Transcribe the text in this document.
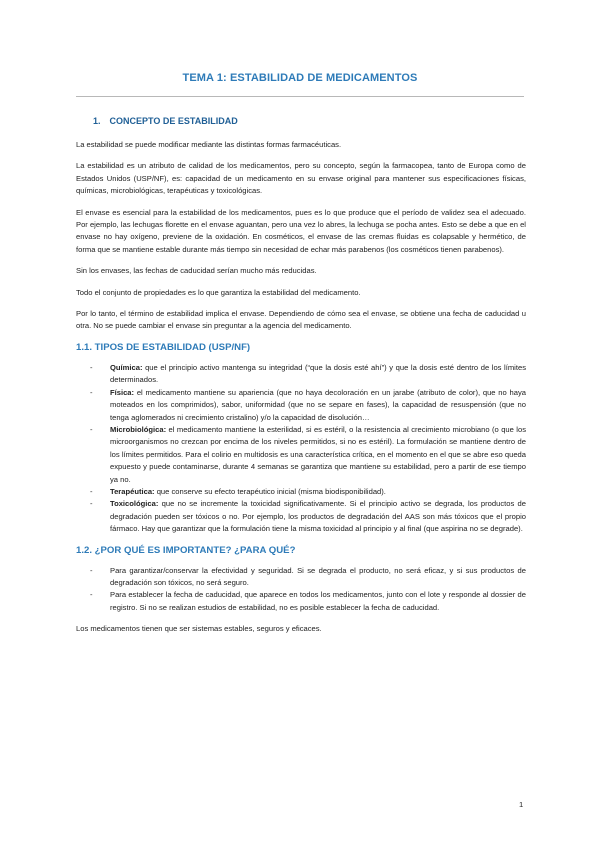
TEMA 1: ESTABILIDAD DE MEDICAMENTOS
1. CONCEPTO DE ESTABILIDAD

La estabilidad se puede modificar mediante las distintas formas farmacéuticas.

La estabilidad es un atributo de calidad de los medicamentos, pero su concepto, según la farmacopea, tanto de Europa como de Estados Unidos (USP/NF), es: capacidad de un medicamento en su envase original para mantener sus especificaciones físicas, químicas, microbiológicas, terapéuticas y toxicológicas.

El envase es esencial para la estabilidad de los medicamentos, pues es lo que produce que el período de validez sea el adecuado. Por ejemplo, las lechugas florette en el envase aguantan, pero una vez lo abres, la lechuga se pocha antes. Esto se debe a que en el envase no hay oxígeno, previene de la oxidación. En cosméticos, el envase de las cremas fluidas es colapsable y hermético, de forma que se mantiene estable durante más tiempo sin necesidad de echar más parabenos (los cosméticos tienen parabenos).

Sin los envases, las fechas de caducidad serían mucho más reducidas.

Todo el conjunto de propiedades es lo que garantiza la estabilidad del medicamento.

Por lo tanto, el término de estabilidad implica el envase. Dependiendo de cómo sea el envase, se obtiene una fecha de caducidad u otra. No se puede cambiar el envase sin preguntar a la agencia del medicamento.

1.1. TIPOS DE ESTABILIDAD (USP/NF)
- Química: que el principio activo mantenga su integridad (“que la dosis esté ahí”) y que la dosis esté dentro de los límites determinados.
- Física: el medicamento mantiene su apariencia (que no haya decoloración en un jarabe (atributo de color), que no haya moteados en los comprimidos), sabor, uniformidad (que no se separe en fases), la capacidad de resuspensión (que no tenga aglomerados ni crecimiento cristalino) y/o la capacidad de disolución…
- Microbiológica: el medicamento mantiene la esterilidad, si es estéril, o la resistencia al crecimiento microbiano (o que los microorganismos no crezcan por encima de los niveles permitidos, si no es estéril). La formulación se mantiene dentro de los límites permitidos. Para el colirio en multidosis es una característica crítica, en el momento en el que se abre eso queda expuesto y puede contaminarse, durante 4 semanas se garantiza que mantiene su estabilidad, pero a partir de ese tiempo ya no.
- Terapéutica: que conserve su efecto terapéutico inicial (misma biodisponibilidad).
- Toxicológica: que no se incremente la toxicidad significativamente. Si el principio activo se degrada, los productos de degradación pueden ser tóxicos o no. Por ejemplo, los productos de degradación del AAS son más tóxicos que el propio fármaco. Hay que garantizar que la formulación tiene la misma toxicidad al principio y al final (que aspirina no se degrade).
1.2. ¿POR QUÉ ES IMPORTANTE? ¿PARA QUÉ?
- Para garantizar/conservar la efectividad y seguridad. Si se degrada el producto, no será eficaz, y si sus productos de degradación son tóxicos, no será seguro.
- Para establecer la fecha de caducidad, que aparece en todos los medicamentos, junto con el lote y responde al dossier de registro. Si no se realizan estudios de estabilidad, no es posible establecer la fecha de caducidad.

Los medicamentos tienen que ser sistemas estables, seguros y eficaces.

1
